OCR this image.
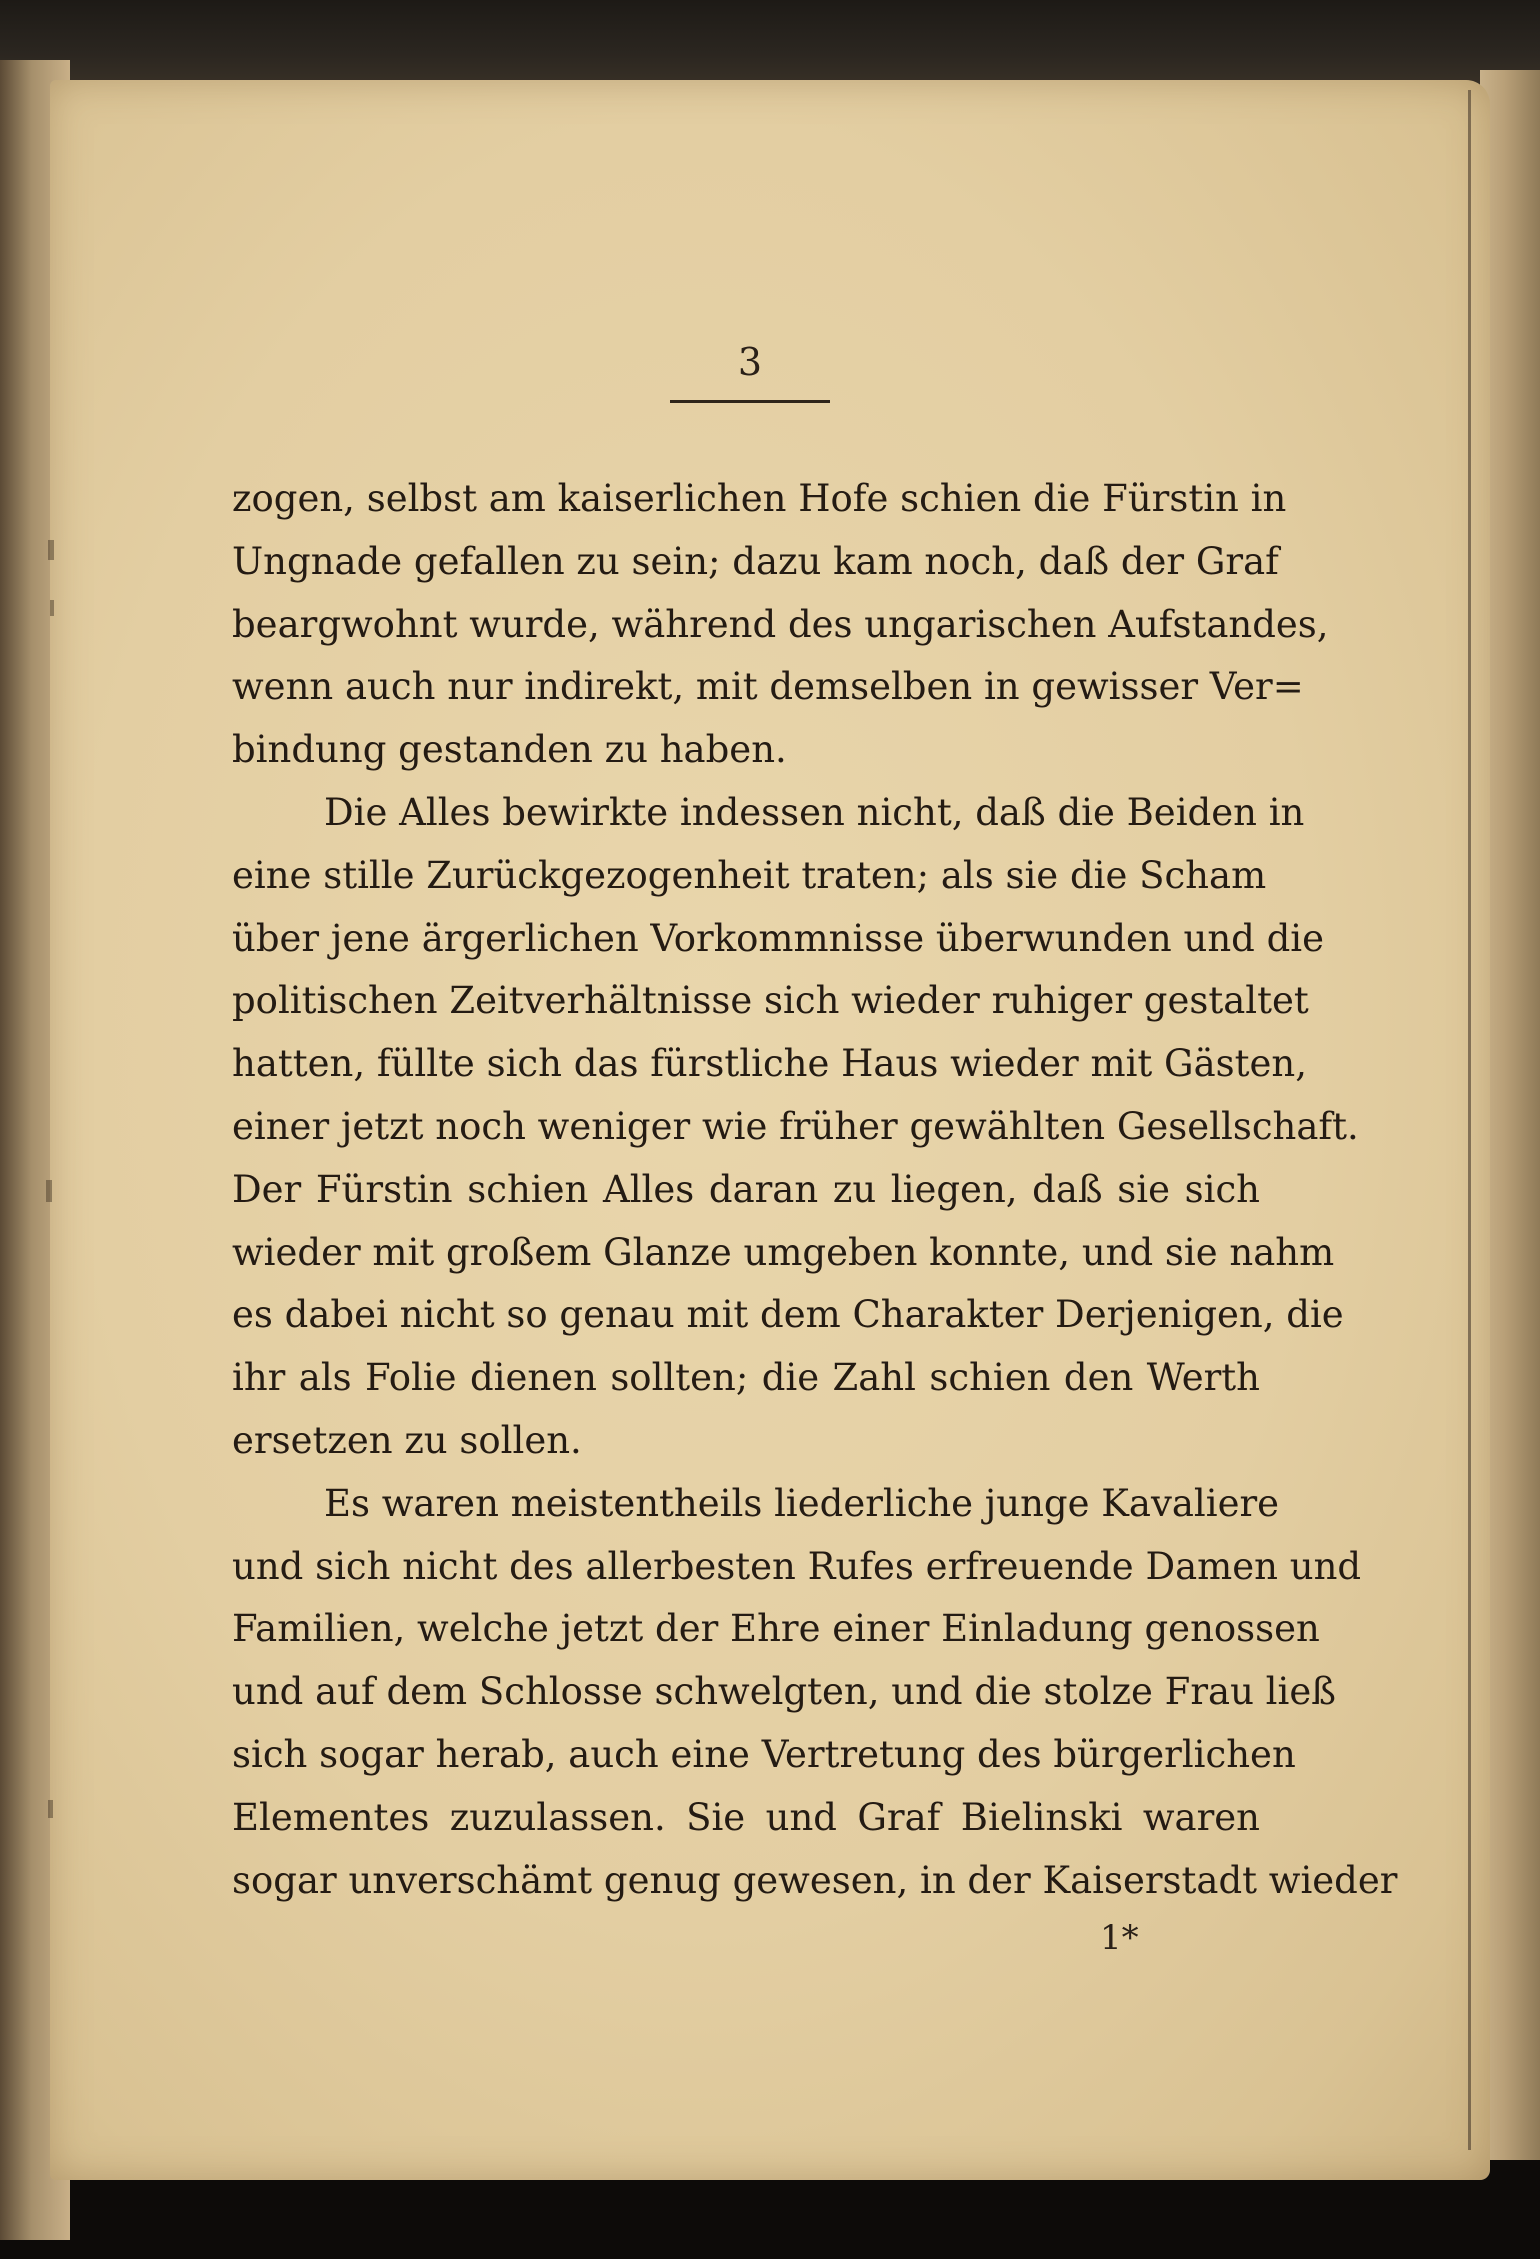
3
zogen, selbst am kaiserlichen Hofe schien die Fürstin in
Ungnade gefallen zu sein; dazu kam noch, daß der Graf
beargwohnt wurde, während des ungarischen Aufstandes,
wenn auch nur indirekt, mit demselben in gewisser Ver=
bindung gestanden zu haben.
Die Alles bewirkte indessen nicht, daß die Beiden in
eine stille Zurückgezogenheit traten; als sie die Scham
über jene ärgerlichen Vorkommnisse überwunden und die
politischen Zeitverhältnisse sich wieder ruhiger gestaltet
hatten, füllte sich das fürstliche Haus wieder mit Gästen,
einer jetzt noch weniger wie früher gewählten Gesellschaft.
Der Fürstin schien Alles daran zu liegen, daß sie sich
wieder mit großem Glanze umgeben konnte, und sie nahm
es dabei nicht so genau mit dem Charakter Derjenigen, die
ihr als Folie dienen sollten; die Zahl schien den Werth
ersetzen zu sollen.
Es waren meistentheils liederliche junge Kavaliere
und sich nicht des allerbesten Rufes erfreuende Damen und
Familien, welche jetzt der Ehre einer Einladung genossen
und auf dem Schlosse schwelgten, und die stolze Frau ließ
sich sogar herab, auch eine Vertretung des bürgerlichen
Elementes zuzulassen. Sie und Graf Bielinski waren
sogar unverschämt genug gewesen, in der Kaiserstadt wieder
1*
